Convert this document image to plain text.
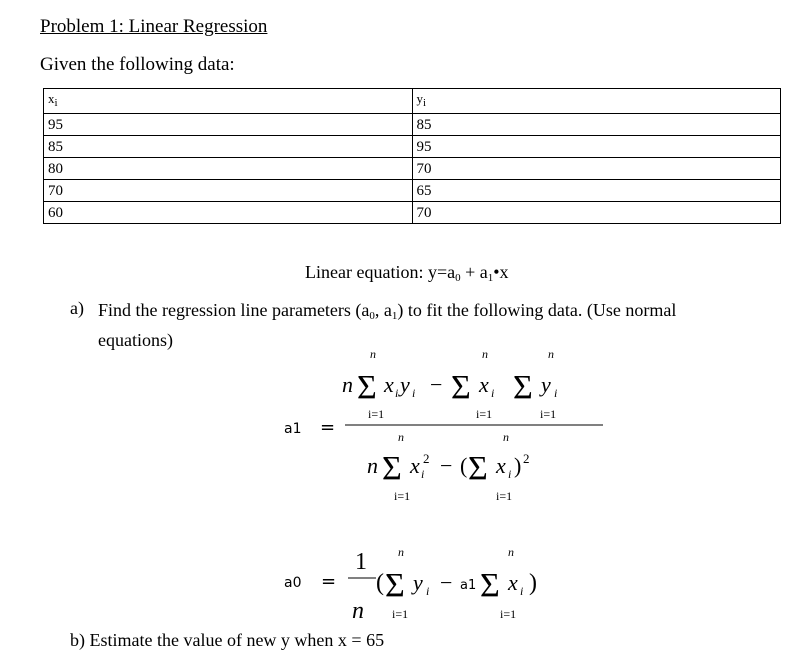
Problem 1: Linear Regression
Given the following data:
$x_i$	$y_i$
95	85
85	95
80	70
70	65
60	70
Linear equation: $y=a_0$ + $a_1•x$
a) Find the regression line parameters ($a_0$, $a_1$) to fit the following data. (Use normal equations)
a1 =
n	n	n
n Σ x i y i − Σ x i Σ y i
i=1	i=1	i=1
n	n
n Σ x i
2 − ( Σ x i ) 2
i=1	i=1
a0 =
1
n
n	n
( Σ y i − a1 Σ x i )
i=1	i=1
b) Estimate the value of new y when x = 65
